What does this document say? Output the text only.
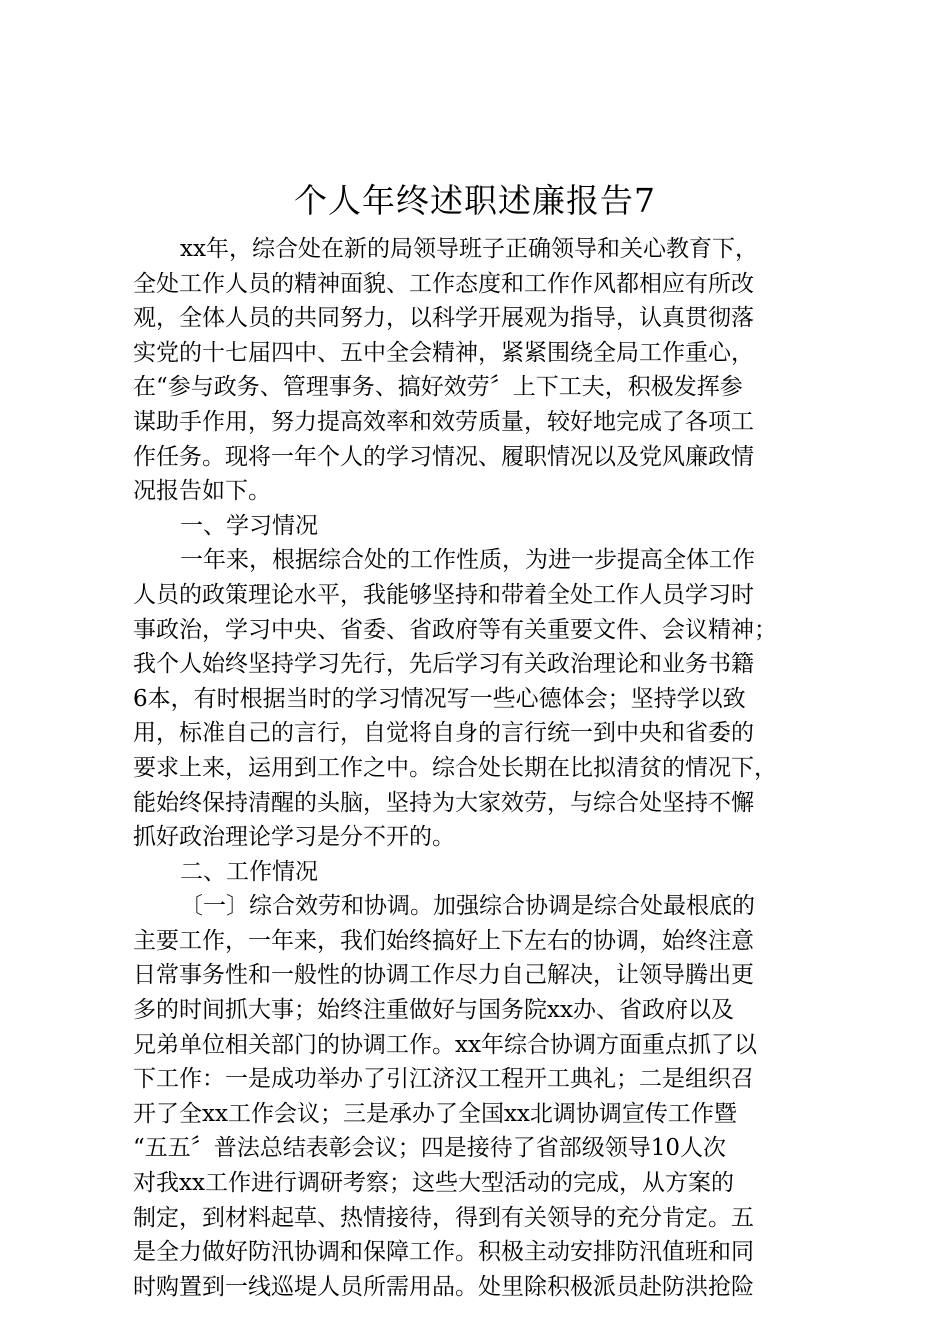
个人年终述职述廉报告7
xx年，综合处在新的局领导班子正确领导和关心教育下，
全处工作人员的精神面貌、工作态度和工作作风都相应有所改
观，全体人员的共同努力，以科学开展观为指导，认真贯彻落
实党的十七届四中、五中全会精神，紧紧围绕全局工作重心，
在“参与政务、管理事务、搞好效劳〞上下工夫，积极发挥参
谋助手作用，努力提高效率和效劳质量，较好地完成了各项工
作任务。现将一年个人的学习情况、履职情况以及党风廉政情
况报告如下。
一、学习情况
一年来，根据综合处的工作性质，为进一步提高全体工作
人员的政策理论水平，我能够坚持和带着全处工作人员学习时
事政治，学习中央、省委、省政府等有关重要文件、会议精神；
我个人始终坚持学习先行，先后学习有关政治理论和业务书籍
6本，有时根据当时的学习情况写一些心德体会；坚持学以致
用，标准自己的言行，自觉将自身的言行统一到中央和省委的
要求上来，运用到工作之中。综合处长期在比拟清贫的情况下，
能始终保持清醒的头脑，坚持为大家效劳，与综合处坚持不懈
抓好政治理论学习是分不开的。
二、工作情况
〔一〕综合效劳和协调。加强综合协调是综合处最根底的
主要工作，一年来，我们始终搞好上下左右的协调，始终注意
日常事务性和一般性的协调工作尽力自己解决，让领导腾出更
多的时间抓大事；始终注重做好与国务院xx办、省政府以及
兄弟单位相关部门的协调工作。xx年综合协调方面重点抓了以
下工作：一是成功举办了引江济汉工程开工典礼；二是组织召
开了全xx工作会议；三是承办了全国xx北调协调宣传工作暨
“五五〞普法总结表彰会议；四是接待了省部级领导10人次
对我xx工作进行调研考察；这些大型活动的完成，从方案的
制定，到材料起草、热情接待，得到有关领导的充分肯定。五
是全力做好防汛协调和保障工作。积极主动安排防汛值班和同
时购置到一线巡堤人员所需用品。处里除积极派员赴防洪抢险
